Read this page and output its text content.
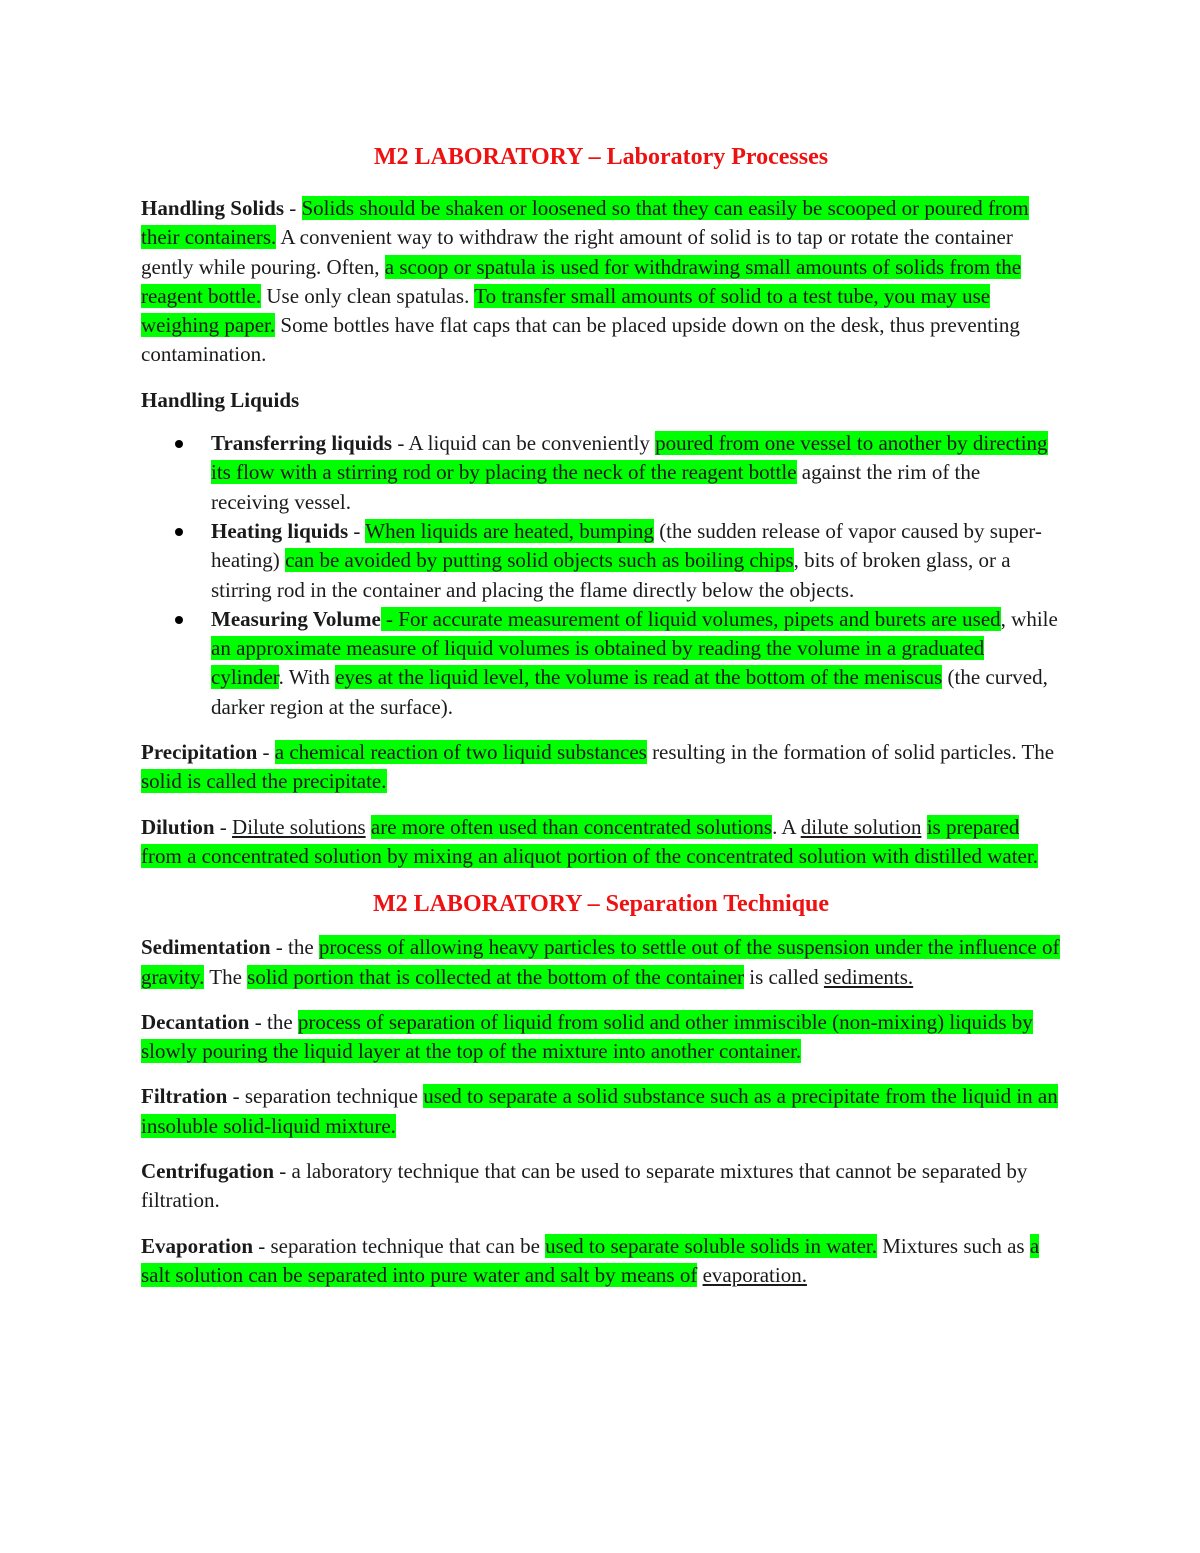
M2 LABORATORY – Laboratory Processes

Handling Solids - Solids should be shaken or loosened so that they can easily be scooped or poured from their containers. A convenient way to withdraw the right amount of solid is to tap or rotate the container gently while pouring. Often, a scoop or spatula is used for withdrawing small amounts of solids from the reagent bottle. Use only clean spatulas. To transfer small amounts of solid to a test tube, you may use weighing paper. Some bottles have flat caps that can be placed upside down on the desk, thus preventing contamination.

Handling Liquids

Transferring liquids - A liquid can be conveniently poured from one vessel to another by directing its flow with a stirring rod or by placing the neck of the reagent bottle against the rim of the receiving vessel.
Heating liquids - When liquids are heated, bumping (the sudden release of vapor caused by super-heating) can be avoided by putting solid objects such as boiling chips, bits of broken glass, or a stirring rod in the container and placing the flame directly below the objects.
Measuring Volume - For accurate measurement of liquid volumes, pipets and burets are used, while an approximate measure of liquid volumes is obtained by reading the volume in a graduated cylinder. With eyes at the liquid level, the volume is read at the bottom of the meniscus (the curved, darker region at the surface).

Precipitation - a chemical reaction of two liquid substances resulting in the formation of solid particles. The solid is called the precipitate.

Dilution - Dilute solutions are more often used than concentrated solutions. A dilute solution is prepared from a concentrated solution by mixing an aliquot portion of the concentrated solution with distilled water.

M2 LABORATORY – Separation Technique

Sedimentation - the process of allowing heavy particles to settle out of the suspension under the influence of gravity. The solid portion that is collected at the bottom of the container is called sediments.

Decantation - the process of separation of liquid from solid and other immiscible (non-mixing) liquids by slowly pouring the liquid layer at the top of the mixture into another container.

Filtration - separation technique used to separate a solid substance such as a precipitate from the liquid in an insoluble solid-liquid mixture.

Centrifugation - a laboratory technique that can be used to separate mixtures that cannot be separated by filtration.

Evaporation - separation technique that can be used to separate soluble solids in water. Mixtures such as a salt solution can be separated into pure water and salt by means of evaporation.
